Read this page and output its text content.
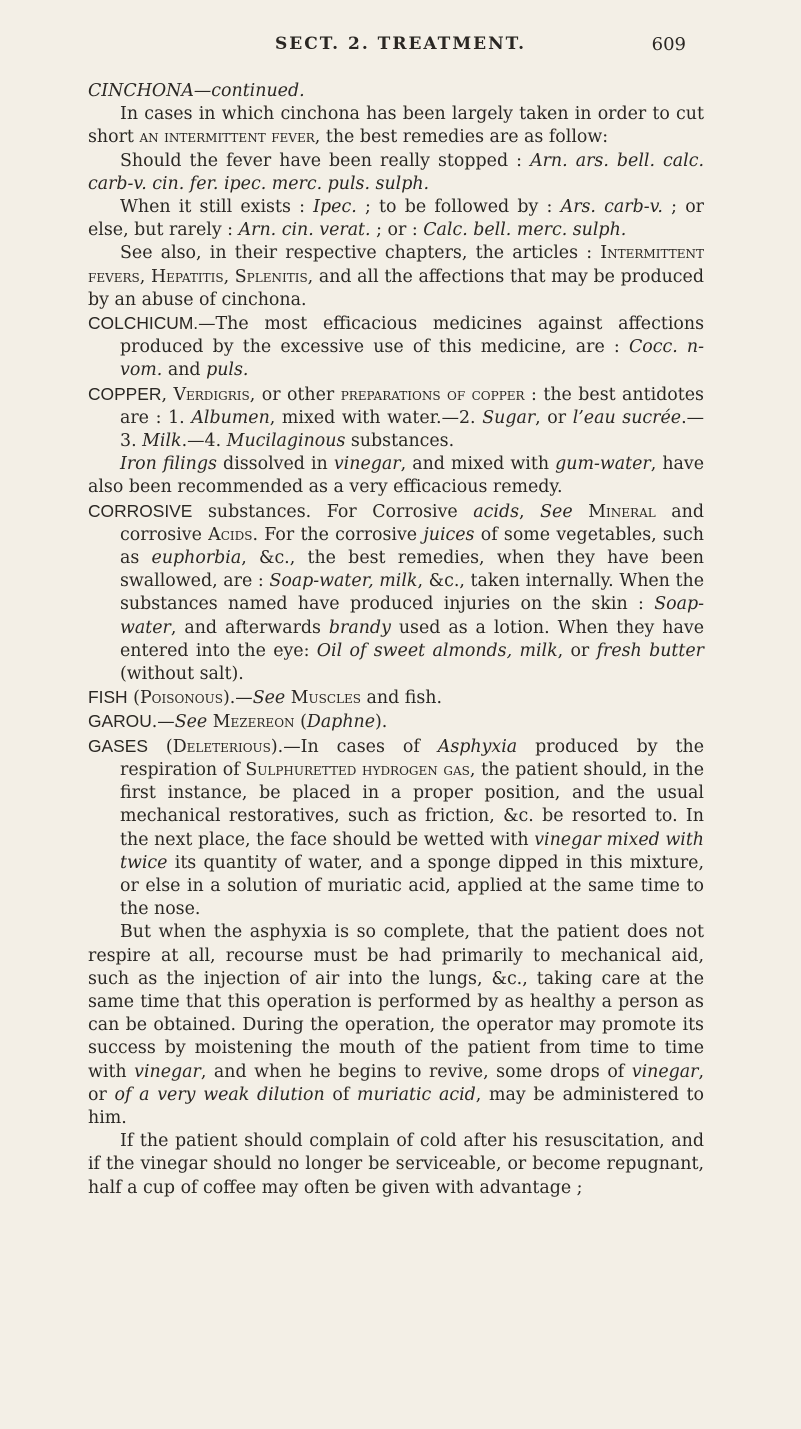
SECT. 2. TREATMENT.	609

CINCHONA—continued.

In cases in which cinchona has been largely taken in order to cut short an intermittent fever, the best remedies are as follow:

Should the fever have been really stopped : Arn. ars. bell. calc. carb-v. cin. fer. ipec. merc. puls. sulph.

When it still exists : Ipec. ; to be followed by : Ars. carb-v. ; or else, but rarely : Arn. cin. verat. ; or : Calc. bell. merc. sulph.

See also, in their respective chapters, the articles : Intermittent fevers, Hepatitis, Splenitis, and all the affections that may be produced by an abuse of cinchona.

COLCHICUM.—The most efficacious medicines against affections produced by the excessive use of this medicine, are : Cocc. n-vom. and puls.

COPPER, Verdigris, or other preparations of copper : the best antidotes are : 1. Albumen, mixed with water.—2. Sugar, or l’eau sucrée.—3. Milk.—4. Mucilaginous substances.

Iron filings dissolved in vinegar, and mixed with gum-water, have also been recommended as a very efficacious remedy.

CORROSIVE substances. For Corrosive acids, See Mineral and corrosive Acids. For the corrosive juices of some vegetables, such as euphorbia, &c., the best remedies, when they have been swallowed, are : Soap-water, milk, &c., taken internally. When the substances named have produced injuries on the skin : Soap-water, and afterwards brandy used as a lotion. When they have entered into the eye: Oil of sweet almonds, milk, or fresh butter (without salt).

FISH (Poisonous).—See Muscles and fish.

GAROU.—See Mezereon (Daphne).

GASES (Deleterious).—In cases of Asphyxia produced by the respiration of Sulphuretted hydrogen gas, the patient should, in the first instance, be placed in a proper position, and the usual mechanical restoratives, such as friction, &c. be resorted to. In the next place, the face should be wetted with vinegar mixed with twice its quantity of water, and a sponge dipped in this mixture, or else in a solution of muriatic acid, applied at the same time to the nose.

But when the asphyxia is so complete, that the patient does not respire at all, recourse must be had primarily to mechanical aid, such as the injection of air into the lungs, &c., taking care at the same time that this operation is performed by as healthy a person as can be obtained. During the operation, the operator may promote its success by moistening the mouth of the patient from time to time with vinegar, and when he begins to revive, some drops of vinegar, or of a very weak dilution of muriatic acid, may be administered to him.

If the patient should complain of cold after his resuscitation, and if the vinegar should no longer be serviceable, or become repugnant, half a cup of coffee may often be given with advantage ;
